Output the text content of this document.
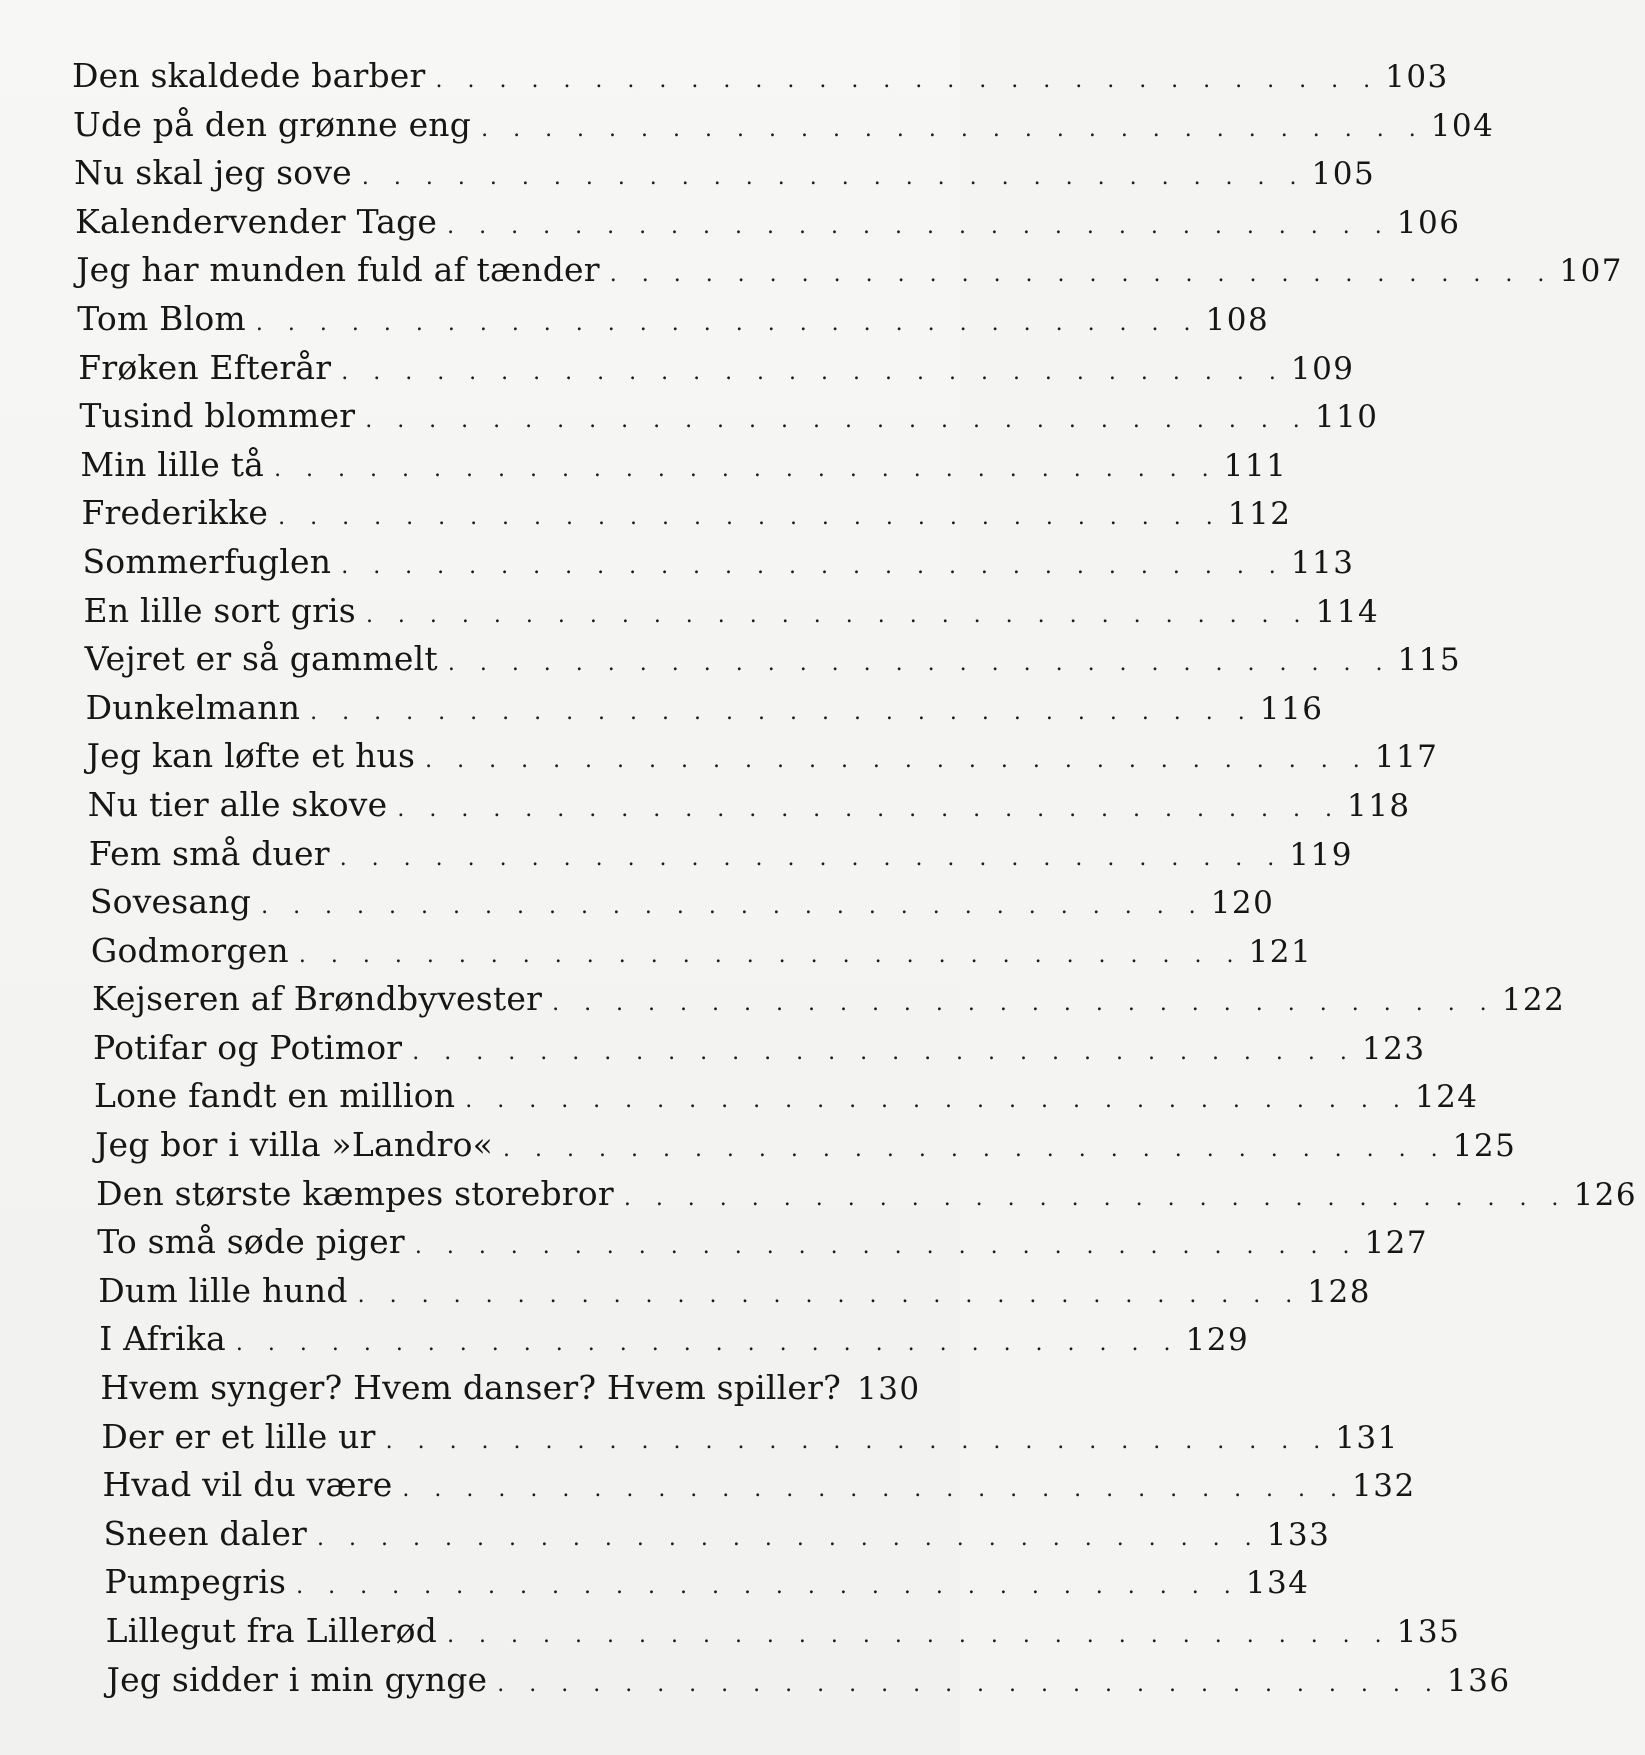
Den skaldede barber . . . . . . . . . . . . . . . . . . . . . . . . . . . . . . 103
Ude på den grønne eng . . . . . . . . . . . . . . . . . . . . . . . . . . . . . . 104
Nu skal jeg sove . . . . . . . . . . . . . . . . . . . . . . . . . . . . . . 105
Kalendervender Tage . . . . . . . . . . . . . . . . . . . . . . . . . . . . . . 106
Jeg har munden fuld af tænder . . . . . . . . . . . . . . . . . . . . . . . . . . . . . . 107
Tom Blom . . . . . . . . . . . . . . . . . . . . . . . . . . . . . . 108
Frøken Efterår . . . . . . . . . . . . . . . . . . . . . . . . . . . . . . 109
Tusind blommer . . . . . . . . . . . . . . . . . . . . . . . . . . . . . . 110
Min lille tå . . . . . . . . . . . . . . . . . . . . . . . . . . . . . . 111
Frederikke . . . . . . . . . . . . . . . . . . . . . . . . . . . . . . 112
Sommerfuglen . . . . . . . . . . . . . . . . . . . . . . . . . . . . . . 113
En lille sort gris . . . . . . . . . . . . . . . . . . . . . . . . . . . . . . 114
Vejret er så gammelt . . . . . . . . . . . . . . . . . . . . . . . . . . . . . . 115
Dunkelmann . . . . . . . . . . . . . . . . . . . . . . . . . . . . . . 116
Jeg kan løfte et hus . . . . . . . . . . . . . . . . . . . . . . . . . . . . . . 117
Nu tier alle skove . . . . . . . . . . . . . . . . . . . . . . . . . . . . . . 118
Fem små duer . . . . . . . . . . . . . . . . . . . . . . . . . . . . . . 119
Sovesang . . . . . . . . . . . . . . . . . . . . . . . . . . . . . . 120
Godmorgen . . . . . . . . . . . . . . . . . . . . . . . . . . . . . . 121
Kejseren af Brøndbyvester . . . . . . . . . . . . . . . . . . . . . . . . . . . . . . 122
Potifar og Potimor . . . . . . . . . . . . . . . . . . . . . . . . . . . . . . 123
Lone fandt en million . . . . . . . . . . . . . . . . . . . . . . . . . . . . . . 124
Jeg bor i villa »Landro« . . . . . . . . . . . . . . . . . . . . . . . . . . . . . . 125
Den største kæmpes storebror . . . . . . . . . . . . . . . . . . . . . . . . . . . . . . 126
To små søde piger . . . . . . . . . . . . . . . . . . . . . . . . . . . . . . 127
Dum lille hund . . . . . . . . . . . . . . . . . . . . . . . . . . . . . . 128
I Afrika . . . . . . . . . . . . . . . . . . . . . . . . . . . . . . 129
Hvem synger? Hvem danser? Hvem spiller? 130
Der er et lille ur . . . . . . . . . . . . . . . . . . . . . . . . . . . . . . 131
Hvad vil du være . . . . . . . . . . . . . . . . . . . . . . . . . . . . . . 132
Sneen daler . . . . . . . . . . . . . . . . . . . . . . . . . . . . . . 133
Pumpegris . . . . . . . . . . . . . . . . . . . . . . . . . . . . . . 134
Lillegut fra Lillerød . . . . . . . . . . . . . . . . . . . . . . . . . . . . . . 135
Jeg sidder i min gynge . . . . . . . . . . . . . . . . . . . . . . . . . . . . . . 136
